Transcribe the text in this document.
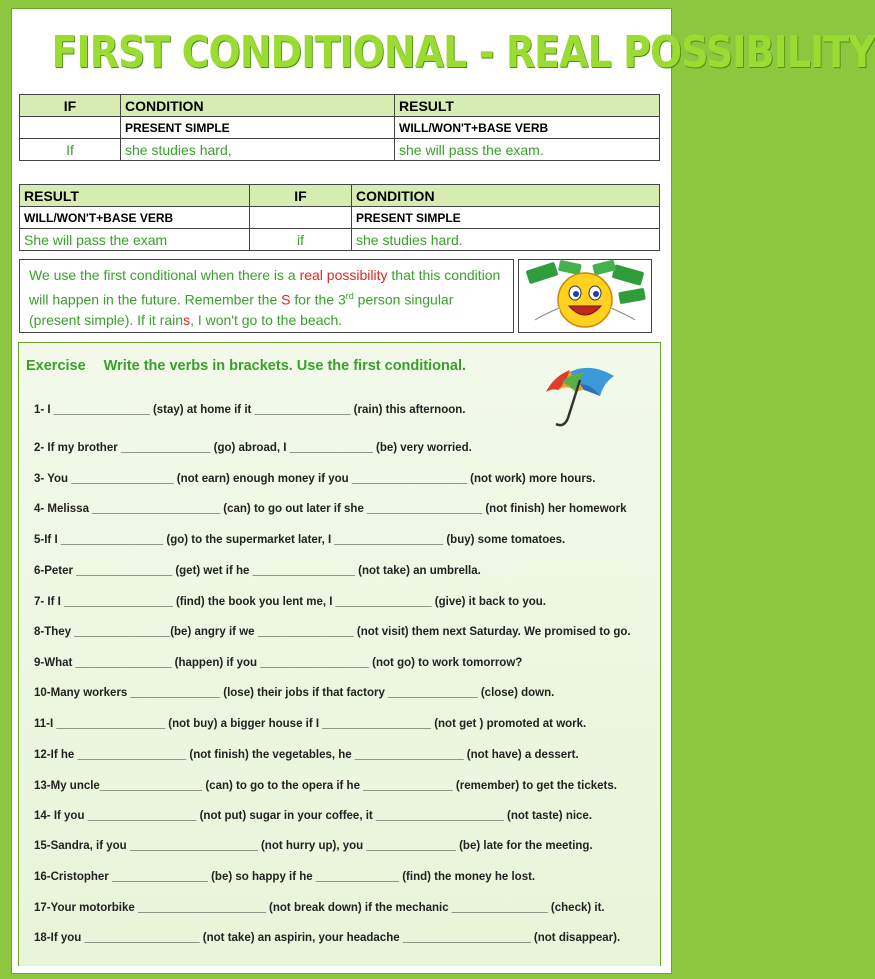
FIRST CONDITIONAL - REAL POSSIBILITY
IF	CONDITION	RESULT
	PRESENT SIMPLE	WILL/WON'T+BASE VERB
If	she studies hard,	she will pass the exam.
RESULT	IF	CONDITION
WILL/WON'T+BASE VERB		PRESENT SIMPLE
She will pass the exam	if	she studies hard.
We use the first conditional when there is a real possibility that this condition will happen in the future. Remember the S for the 3rd person singular (present simple). If it rains, I won't go to the beach.
Exercise Write the verbs in brackets. Use the first conditional.
1- I _______________ (stay) at home if it _______________ (rain) this afternoon.
2- If my brother ______________ (go) abroad, I _____________ (be) very worried.
3- You ________________ (not earn) enough money if you __________________ (not work) more hours.
4- Melissa ____________________ (can) to go out later if she __________________ (not finish) her homework
5-If I ________________ (go) to the supermarket later, I _________________ (buy) some tomatoes.
6-Peter _______________ (get) wet if he ________________ (not take) an umbrella.
7- If I _________________ (find) the book you lent me, I _______________ (give) it back to you.
8-They _______________(be) angry if we _______________ (not visit) them next Saturday. We promised to go.
9-What _______________ (happen) if you _________________ (not go) to work tomorrow?
10-Many workers ______________ (lose) their jobs if that factory ______________ (close) down.
11-I _________________ (not buy) a bigger house if I _________________ (not get ) promoted at work.
12-If he _________________ (not finish) the vegetables, he _________________ (not have) a dessert.
13-My uncle________________ (can) to go to the opera if he ______________ (remember) to get the tickets.
14- If you _________________ (not put) sugar in your coffee, it ____________________ (not taste) nice.
15-Sandra, if you ____________________ (not hurry up), you ______________ (be) late for the meeting.
16-Cristopher _______________ (be) so happy if he _____________ (find) the money he lost.
17-Your motorbike ____________________ (not break down) if the mechanic _______________ (check) it.
18-If you __________________ (not take) an aspirin, your headache ____________________ (not disappear).
